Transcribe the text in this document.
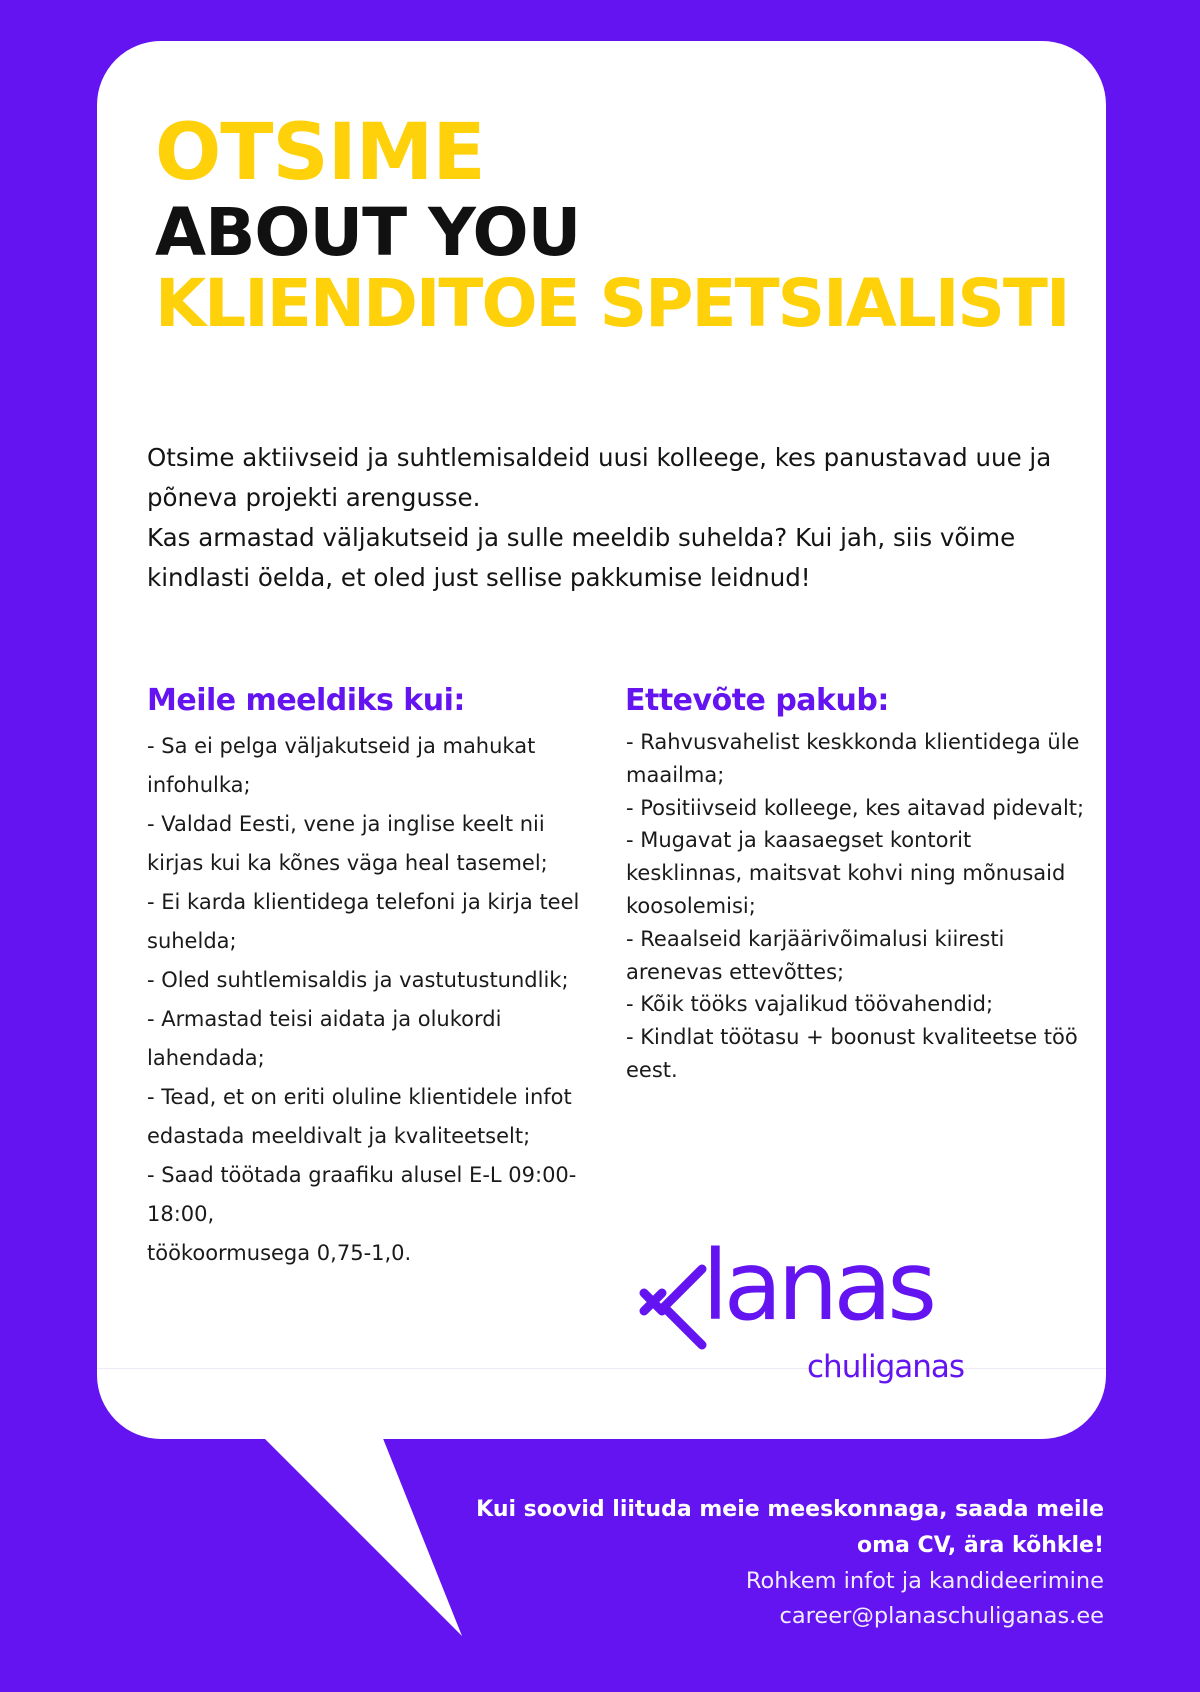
OTSIME
ABOUT YOU
KLIENDITOE SPETSIALISTI

Otsime aktiivseid ja suhtlemisaldeid uusi kolleege, kes panustavad uue ja põneva projekti arengusse.

Kas armastad väljakutseid ja sulle meeldib suhelda? Kui jah, siis võime kindlasti öelda, et oled just sellise pakkumise leidnud!

Meile meeldiks kui:
- Sa ei pelga väljakutseid ja mahukat infohulka;
- Valdad Eesti, vene ja inglise keelt nii kirjas kui ka kõnes väga heal tasemel;
- Ei karda klientidega telefoni ja kirja teel suhelda;
- Oled suhtlemisaldis ja vastutustundlik;
- Armastad teisi aidata ja olukordi lahendada;
- Tead, et on eriti oluline klientidele infot edastada meeldivalt ja kvaliteetselt;
- Saad töötada graafiku alusel E-L 09:00- 18:00,
töökoormusega 0,75-1,0.
Ettevõte pakub:
- Rahvusvahelist keskkonda klientidega üle maailma;
- Positiivseid kolleege, kes aitavad pidevalt;
- Mugavat ja kaasaegset kontorit kesklinnas, maitsvat kohvi ning mõnusaid koosolemisi;
- Reaalseid karjäärivõimalusi kiiresti arenevas ettevõttes;
- Kõik tööks vajalikud töövahendid;
- Kindlat töötasu + boonust kvaliteetse töö eest.
lanas
chuliganas

Kui soovid liituda meie meeskonnaga, saada meile

oma CV, ära kõhkle!

Rohkem infot ja kandideerimine

career@planaschuliganas.ee
